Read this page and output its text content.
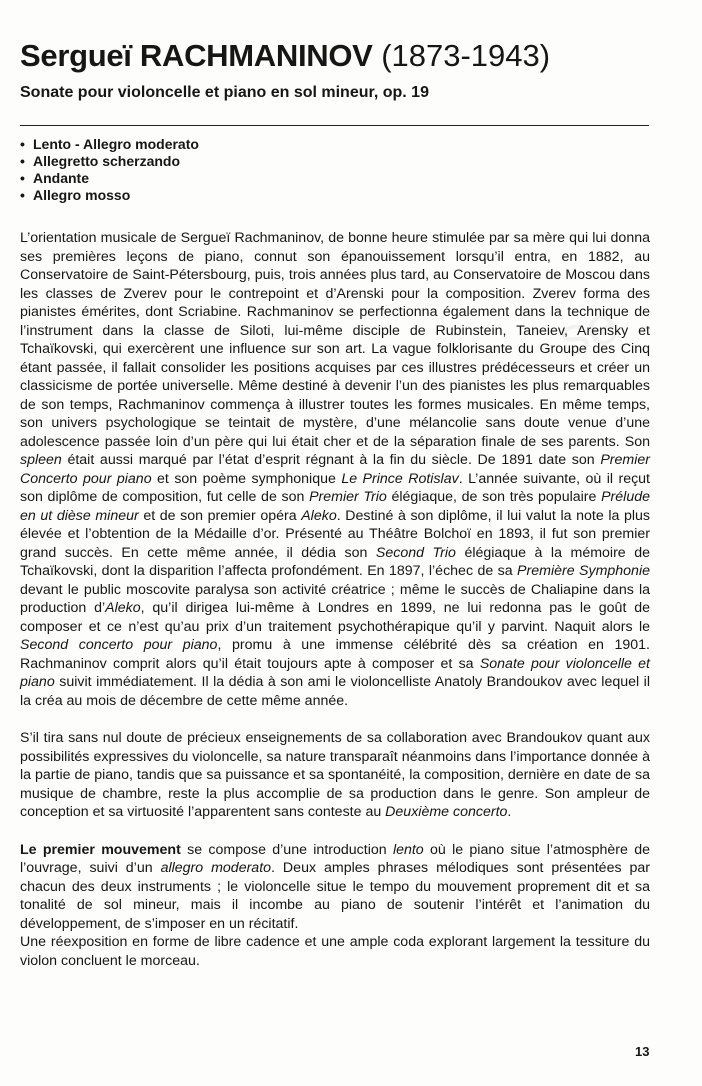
se
Sergueï RACHMANINOV (1873-1943)
Sonate pour violoncelle et piano en sol mineur, op. 19
• Lento - Allegro moderato
• Allegretto scherzando
• Andante
• Allegro mosso

L’orientation musicale de Sergueï Rachmaninov, de bonne heure stimulée par sa mère qui lui donna ses premières leçons de piano, connut son épanouissement lorsqu’il entra, en 1882, au Conservatoire de Saint-Pétersbourg, puis, trois années plus tard, au Conservatoire de Moscou dans les classes de Zverev pour le contrepoint et d’Arenski pour la composition. Zverev forma des pianistes émérites, dont Scriabine. Rachmaninov se perfectionna également dans la technique de l’instrument dans la classe de Siloti, lui-même disciple de Rubinstein, Taneiev, Arensky et Tchaïkovski, qui exercèrent une influence sur son art. La vague folklorisante du Groupe des Cinq étant passée, il fallait consolider les positions acquises par ces illustres prédécesseurs et créer un classicisme de portée universelle. Même destiné à devenir l’un des pianistes les plus remarquables de son temps, Rachmaninov commença à illustrer toutes les formes musicales. En même temps, son univers psychologique se teintait de mystère, d’une mélancolie sans doute venue d’une adolescence passée loin d’un père qui lui était cher et de la séparation finale de ses parents. Son spleen était aussi marqué par l’état d’esprit régnant à la fin du siècle. De 1891 date son Premier Concerto pour piano et son poème symphonique Le Prince Rotislav. L’année suivante, où il reçut son diplôme de composition, fut celle de son Premier Trio élégiaque, de son très populaire Prélude en ut dièse mineur et de son premier opéra Aleko. Destiné à son diplôme, il lui valut la note la plus élevée et l’obtention de la Médaille d’or. Présenté au Théâtre Bolchoï en 1893, il fut son premier grand succès. En cette même année, il dédia son Second Trio élégiaque à la mémoire de Tchaïkovski, dont la disparition l’affecta profondément. En 1897, l’échec de sa Première Symphonie devant le public moscovite paralysa son activité créatrice ; même le succès de Chaliapine dans la production d’Aleko, qu’il dirigea lui-même à Londres en 1899, ne lui redonna pas le goût de composer et ce n’est qu’au prix d’un traitement psychothérapique qu’il y parvint. Naquit alors le Second concerto pour piano, promu à une immense célébrité dès sa création en 1901. Rachmaninov comprit alors qu’il était toujours apte à composer et sa Sonate pour violoncelle et piano suivit immédiatement. Il la dédia à son ami le violoncelliste Anatoly Brandoukov avec lequel il la créa au mois de décembre de cette même année.

S’il tira sans nul doute de précieux enseignements de sa collaboration avec Brandoukov quant aux possibilités expressives du violoncelle, sa nature transparaît néanmoins dans l’importance donnée à la partie de piano, tandis que sa puissance et sa spontanéité, la composition, dernière en date de sa musique de chambre, reste la plus accomplie de sa production dans le genre. Son ampleur de conception et sa virtuosité l’apparentent sans conteste au Deuxième concerto.

Le premier mouvement se compose d’une introduction lento où le piano situe l’atmosphère de l’ouvrage, suivi d’un allegro moderato. Deux amples phrases mélodiques sont présentées par chacun des deux instruments ; le violoncelle situe le tempo du mouvement proprement dit et sa tonalité de sol mineur, mais il incombe au piano de soutenir l’intérêt et l’animation du développement, de s’imposer en un récitatif.

Une réexposition en forme de libre cadence et une ample coda explorant largement la tessiture du violon concluent le morceau.

13
